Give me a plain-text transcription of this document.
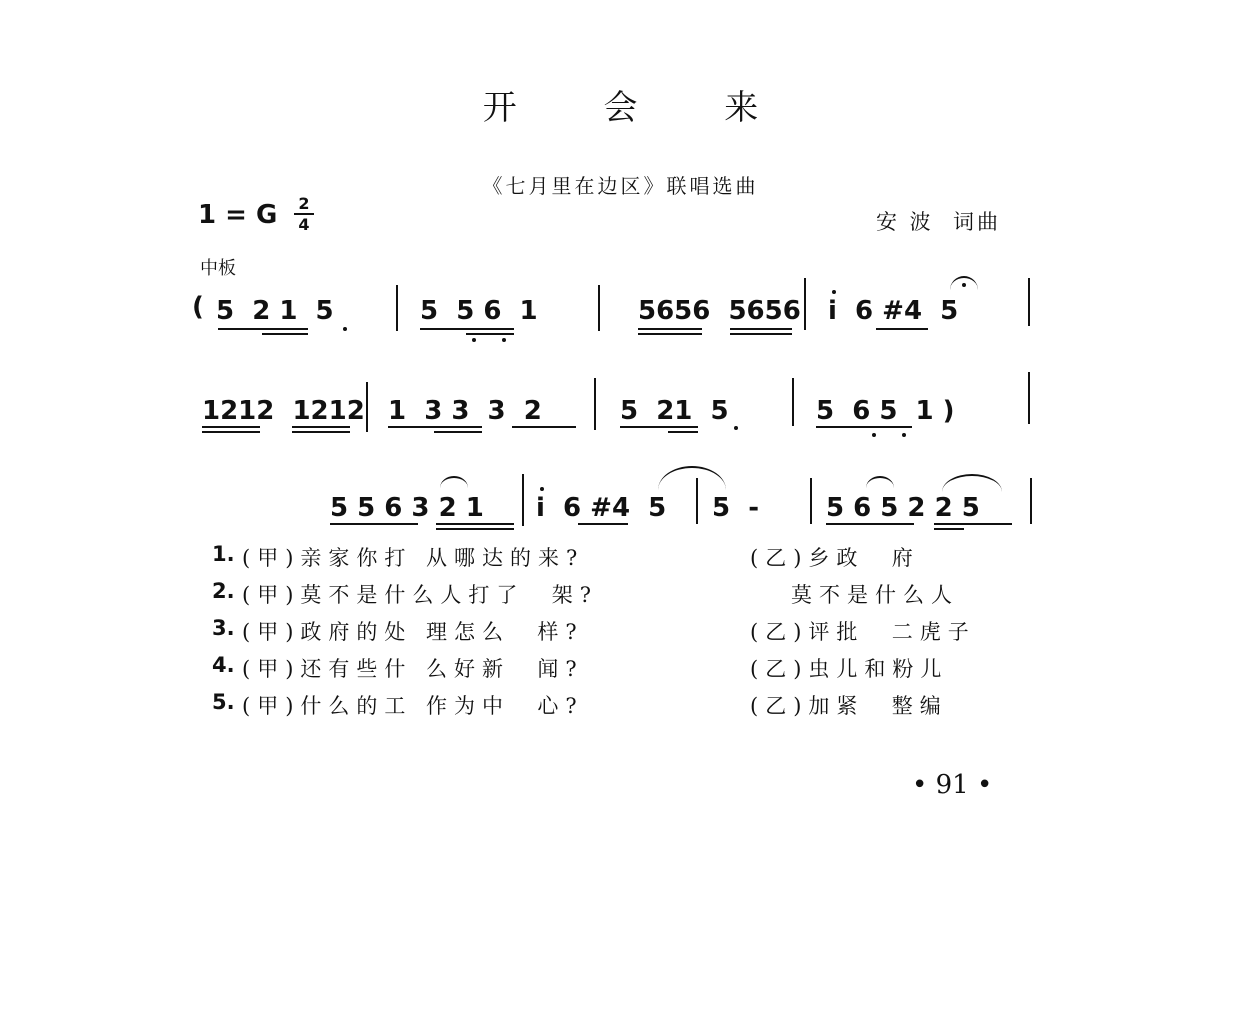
开 会 来
《七月里在边区》联唱选曲
1 = G 2
4	安 波  词曲
中板
( 5  2 1  5	5  5 6  1	5656  5656 i  6 #4  5
1212  1212 1  3 3  3  2	5  21  5	5  6 5  1 )
5 5 6 3 2 1 i  6 #4  5 5  -	5 6 5 2 2 5
1. (甲)亲家你打 从哪达的来?	(乙)乡政  府
2. (甲)莫不是什么人打了  架?	莫不是什么人
3. (甲)政府的处 理怎么  样?	(乙)评批  二虎子
4. (甲)还有些什 么好新  闻?	(乙)虫儿和粉儿
5. (甲)什么的工 作为中  心?	(乙)加紧  整编
• 91 •
